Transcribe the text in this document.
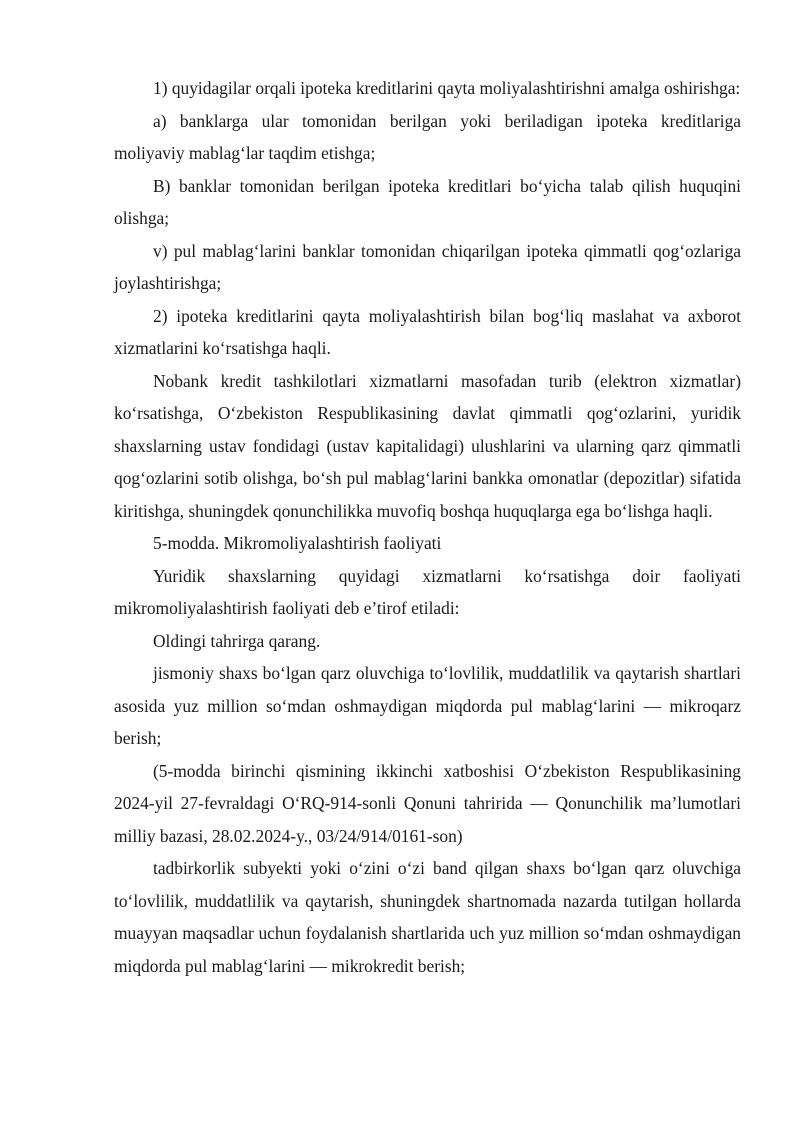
1) quyidagilar orqali ipoteka kreditlarini qayta moliyalashtirishni amalga oshirishga:

a) banklarga ular tomonidan berilgan yoki beriladigan ipoteka kreditlariga moliyaviy mablag‘lar taqdim etishga;

B) banklar tomonidan berilgan ipoteka kreditlari bo‘yicha talab qilish huquqini olishga;

v) pul mablag‘larini banklar tomonidan chiqarilgan ipoteka qimmatli qog‘ozlariga joylashtirishga;

2) ipoteka kreditlarini qayta moliyalashtirish bilan bog‘liq maslahat va axborot xizmatlarini ko‘rsatishga haqli.

Nobank kredit tashkilotlari xizmatlarni masofadan turib (elektron xizmatlar) ko‘rsatishga, O‘zbekiston Respublikasining davlat qimmatli qog‘ozlarini, yuridik shaxslarning ustav fondidagi (ustav kapitalidagi) ulushlarini va ularning qarz qimmatli qog‘ozlarini sotib olishga, bo‘sh pul mablag‘larini bankka omonatlar (depozitlar) sifatida kiritishga, shuningdek qonunchilikka muvofiq boshqa huquqlarga ega bo‘lishga haqli.

5-modda. Mikromoliyalashtirish faoliyati

Yuridik shaxslarning quyidagi xizmatlarni ko‘rsatishga doir faoliyati mikromoliyalashtirish faoliyati deb e’tirof etiladi:

Oldingi tahrirga qarang.

jismoniy shaxs bo‘lgan qarz oluvchiga to‘lovlilik, muddatlilik va qaytarish shartlari asosida yuz million so‘mdan oshmaydigan miqdorda pul mablag‘larini — mikroqarz berish;

(5-modda birinchi qismining ikkinchi xatboshisi O‘zbekiston Respublikasining 2024-yil 27-fevraldagi O‘RQ-914-sonli Qonuni tahririda — Qonunchilik ma’lumotlari milliy bazasi, 28.02.2024-y., 03/24/914/0161-son)

tadbirkorlik subyekti yoki o‘zini o‘zi band qilgan shaxs bo‘lgan qarz oluvchiga to‘lovlilik, muddatlilik va qaytarish, shuningdek shartnomada nazarda tutilgan hollarda muayyan maqsadlar uchun foydalanish shartlarida uch yuz million so‘mdan oshmaydigan miqdorda pul mablag‘larini — mikrokredit berish;
